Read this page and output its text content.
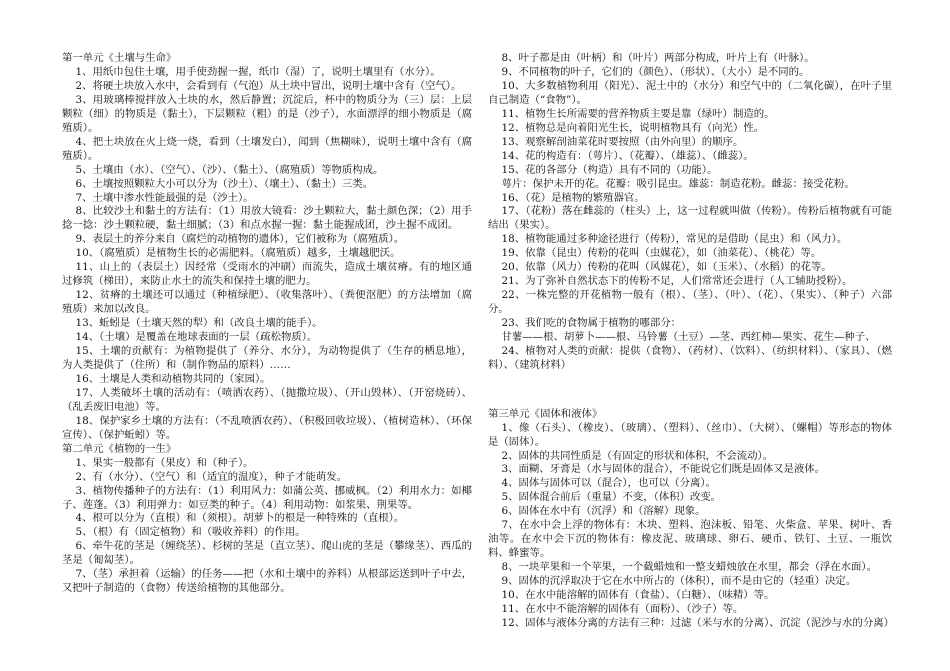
第一单元《土壤与生命》

1、用纸巾包住土壤，用手使劲握一握，纸巾（湿）了，说明土壤里有（水分）。

2、将硬土块放入水中，会看到有（气泡）从土块中冒出，说明土壤中含有（空气）。

3、用玻璃棒搅拌放入土块的水，然后静置；沉淀后，杯中的物质分为（三）层：上层颗粒（细）的物质是（黏土），下层颗粒（粗）的是（沙子），水面漂浮的细小物质是（腐殖质）。

4、把土块放在火上烧一烧，看到（土壤发白），闻到（焦糊味），说明土壤中含有（腐殖质）。

5、土壤由（水）、（空气）、（沙）、（黏土）、（腐殖质）等物质构成。

6、土壤按照颗粒大小可以分为（沙土）、（壤土）、（黏土）三类。

7、土壤中渗水性能最强的是（沙土）。

8、比较沙土和黏土的方法有：（1）用放大镜看：沙土颗粒大，黏土颜色深；（2）用手捻一捻：沙土颗粒硬，黏土细腻；（3）和点水握一握：黏土能握成团，沙土握不成团。

9、表层土的养分来自（腐烂的动植物的遗体），它们被称为（腐殖质）。

10、（腐殖质）是植物生长的必需肥料。（腐殖质）越多，土壤越肥沃。

11、山上的（表层土）因经常（受雨水的冲刷）而流失，造成土壤贫瘠。有的地区通过修筑（梯田），来防止水土的流失和保持土壤的肥力。

12、贫瘠的土壤还可以通过（种植绿肥）、（收集落叶）、（粪便沤肥）的方法增加（腐殖质）来加以改良。

13、蚯蚓是（土壤天然的犁）和（改良土壤的能手）。

14、（土壤）是覆盖在地球表面的一层（疏松物质）。

15、土壤的贡献有：为植物提供了（养分、水分），为动物提供了（生存的栖息地），为人类提供了（住所）和（制作物品的原料）……

16、土壤是人类和动植物共同的（家园）。

17、人类破坏土壤的活动有：（喷洒农药）、（抛撒垃圾）、（开山毁林）、（开窑烧砖）、（乱丢废旧电池）等。

18、保护家乡土壤的方法有：（不乱喷洒农药）、（积极回收垃圾）、（植树造林）、（环保宣传）、（保护蚯蚓）等。

第二单元《植物的一生》

1、果实一般都有（果皮）和（种子）。

2、有（水分）、（空气）和（适宜的温度），种子才能萌发。

3、植物传播种子的方法有：（1）利用风力：如蒲公英、挪威枫。（2）利用水力：如椰子、莲蓬。（3）利用弹力：如豆类的种子。（4）利用动物：如浆果、荆果等。

4、根可以分为（直根）和（须根）。胡萝卜的根是一种特殊的（直根）。

5、（根）有（固定植物）和（吸收养料）的作用。

6、牵牛花的茎是（缠绕茎）、杉树的茎是（直立茎）、爬山虎的茎是（攀缘茎）、西瓜的茎是（匍匐茎）。

7、（茎）承担着（运输）的任务——把（水和土壤中的养料）从根部运送到叶子中去，又把叶子制造的（食物）传送给植物的其他部分。

8、叶子都是由（叶柄）和（叶片）两部分构成，叶片上有（叶脉）。

9、不同植物的叶子，它们的（颜色）、（形状）、（大小）是不同的。

10、大多数植物利用（阳光）、泥土中的（水分）和空气中的（二氧化碳），在叶子里自己制造（“食物”）。

11、植物生长所需要的营养物质主要是靠（绿叶）制造的。

12、植物总是向着阳光生长，说明植物具有（向光）性。

13、观察解剖油菜花时要按照（由外向里）的顺序。

14、花的构造有：（萼片）、（花瓣）、（雄蕊）、（雌蕊）。

15、花的各部分（构造）具有不同的（功能）。

萼片：保护未开的花。花瓣：吸引昆虫。雄蕊：制造花粉。雌蕊：接受花粉。

16、（花）是植物的繁殖器官。

17、（花粉）落在雌蕊的（柱头）上，这一过程就叫做（传粉）。传粉后植物就有可能结出（果实）。

18、植物能通过多种途径进行（传粉），常见的是借助（昆虫）和（风力）。

19、依靠（昆虫）传粉的花叫（虫媒花），如（油菜花）、（桃花）等。

20、依靠（风力）传粉的花叫（风媒花），如（玉米）、（水稻）的花等。

21、为了弥补自然状态下的传粉不足，人们常常还会进行（人工辅助授粉）。

22、一株完整的开花植物一般有（根）、（茎）、（叶）、（花）、（果实）、（种子）六部分。

23、我们吃的食物属于植物的哪部分：

甘薯——根、胡萝卜——根、马铃薯（土豆）—茎、西红柿—果实、花生—种子、

24、植物对人类的贡献：提供（食物）、（药材）、（饮料）、（纺织材料）、（家具）、（燃料）、（建筑材料）

第三单元《固体和液体》

1、像（石头）、（橡皮）、（玻璃）、（塑料）、（丝巾）、（大树）、（螺帽）等形态的物体是（固体）。

2、固体的共同性质是（有固定的形状和体积，不会流动）。

3、面糊、牙膏是（水与固体的混合），不能说它们既是固体又是液体。

4、固体与固体可以（混合），也可以（分离）。

5、固体混合前后（重量）不变，（体积）改变。

6、固体在水中有（沉浮）和（溶解）现象。

7、在水中会上浮的物体有：木块、塑料、泡沫板、铅笔、火柴盒、苹果、树叶、香油等。在水中会下沉的物体有：橡皮泥、玻璃球、卵石、硬币、铁钉、土豆、一瓶饮料、蜂蜜等。

8、一块苹果和一个苹果，一个截蜡烛和一整支蜡烛放在水里，都会（浮在水面）。

9、固体的沉浮取决于它在水中所占的（体积），而不是由它的（轻重）决定。

10、在水中能溶解的固体有（食盐）、（白糖）、（味精）等。

11、在水中不能溶解的固体有（面粉）、（沙子）等。

12、固体与液体分离的方法有三种：过滤（米与水的分离）、沉淀（泥沙与水的分离）
